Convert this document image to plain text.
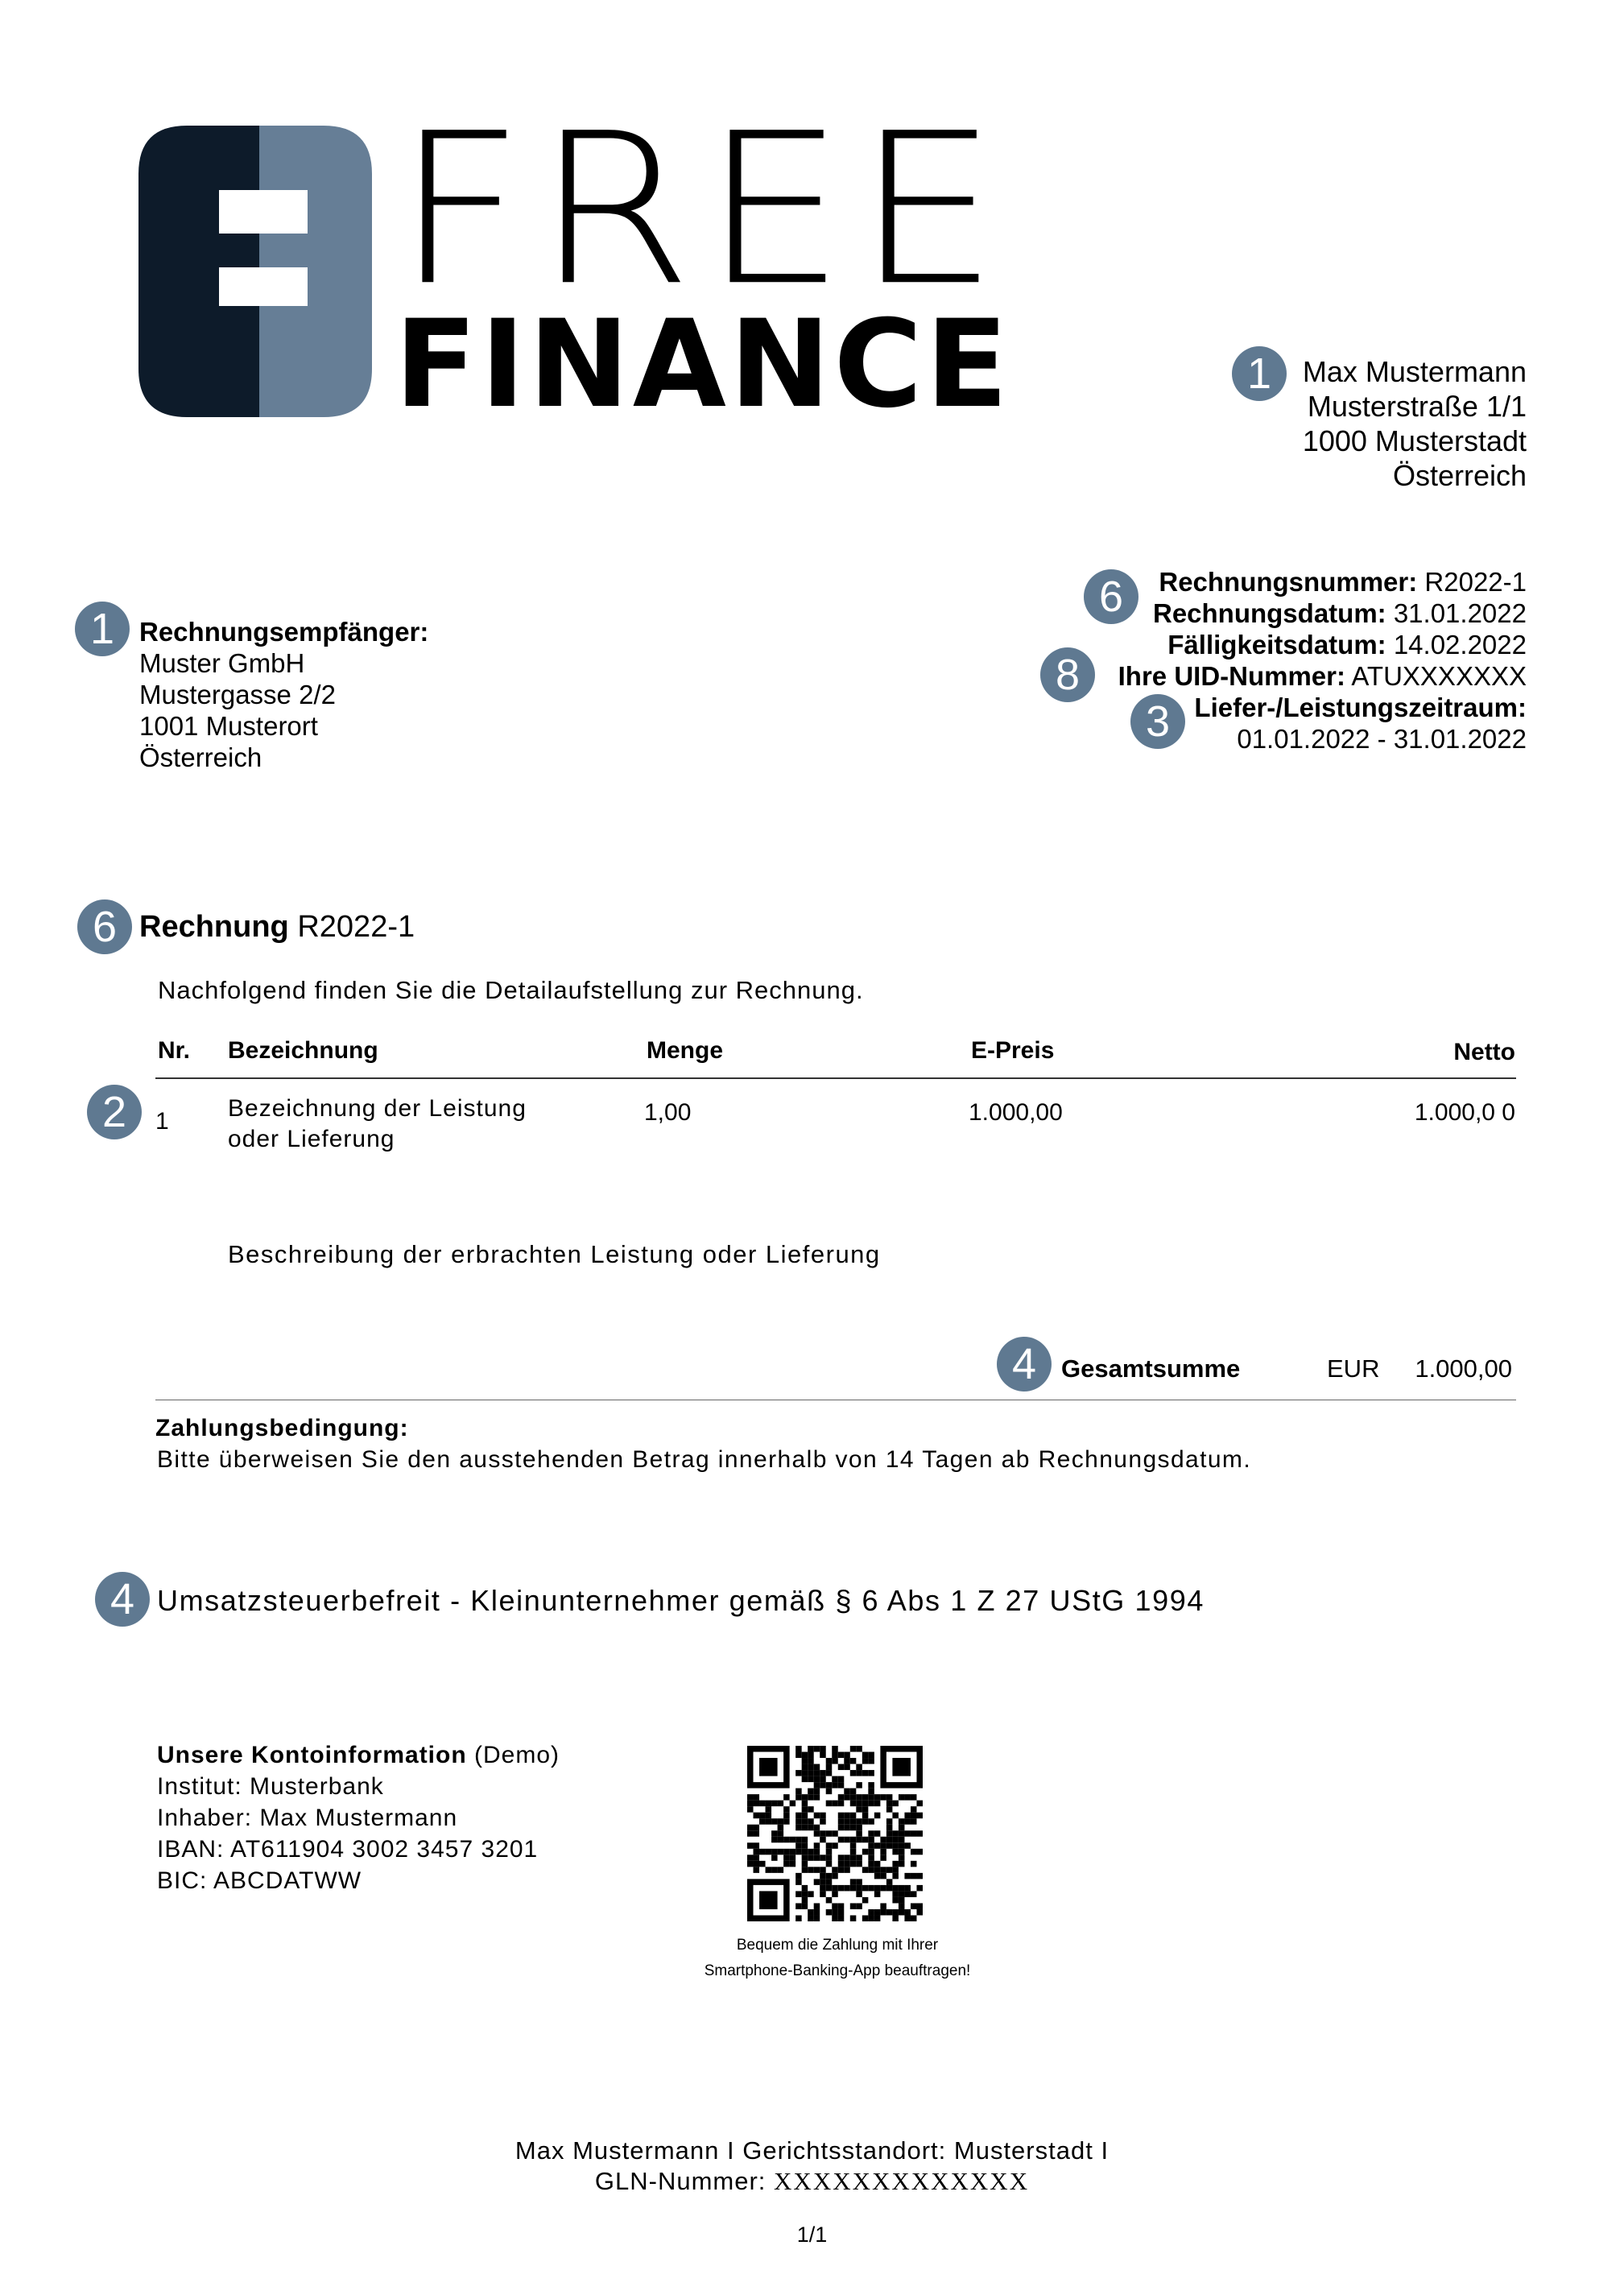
FREE
FINANCE	1	Max Mustermann
Musterstraße 1/1
1000 Musterstadt
Österreich
6
8
3
Rechnungsnummer: R2022-1
Rechnungsdatum: 31.01.2022
Fälligkeitsdatum: 14.02.2022
Ihre UID-Nummer: ATUXXXXXXX
Liefer-/Leistungszeitraum:
01.01.2022 - 31.01.2022
1 Rechnungsempfänger:
Muster GmbH
Mustergasse 2/2
1001 Musterort
Österreich
6 Rechnung R2022-1
Nachfolgend finden Sie die Detailaufstellung zur Rechnung.
Nr. Bezeichnung	Menge	E-Preis	Netto
2	1 Bezeichnung der Leistung
oder Lieferung
1,00	1.000,00	1.000,0 0
Beschreibung der erbrachten Leistung oder Lieferung
4 Gesamtsumme	EUR 1.000,00
Zahlungsbedingung:
Bitte überweisen Sie den ausstehenden Betrag innerhalb von 14 Tagen ab Rechnungsdatum.
4 Umsatzsteuerbefreit - Kleinunternehmer gemäß § 6 Abs 1 Z 27 UStG 1994
Unsere Kontoinformation (Demo)
Institut: Musterbank
Inhaber: Max Mustermann
IBAN: AT611904 3002 3457 3201
BIC: ABCDATWW
Bequem die Zahlung mit Ihrer
Smartphone-Banking-App beauftragen!
Max Mustermann I Gerichtsstandort: Musterstadt I
GLN-Nummer: XXXXXXXXXXXXX
1/1
